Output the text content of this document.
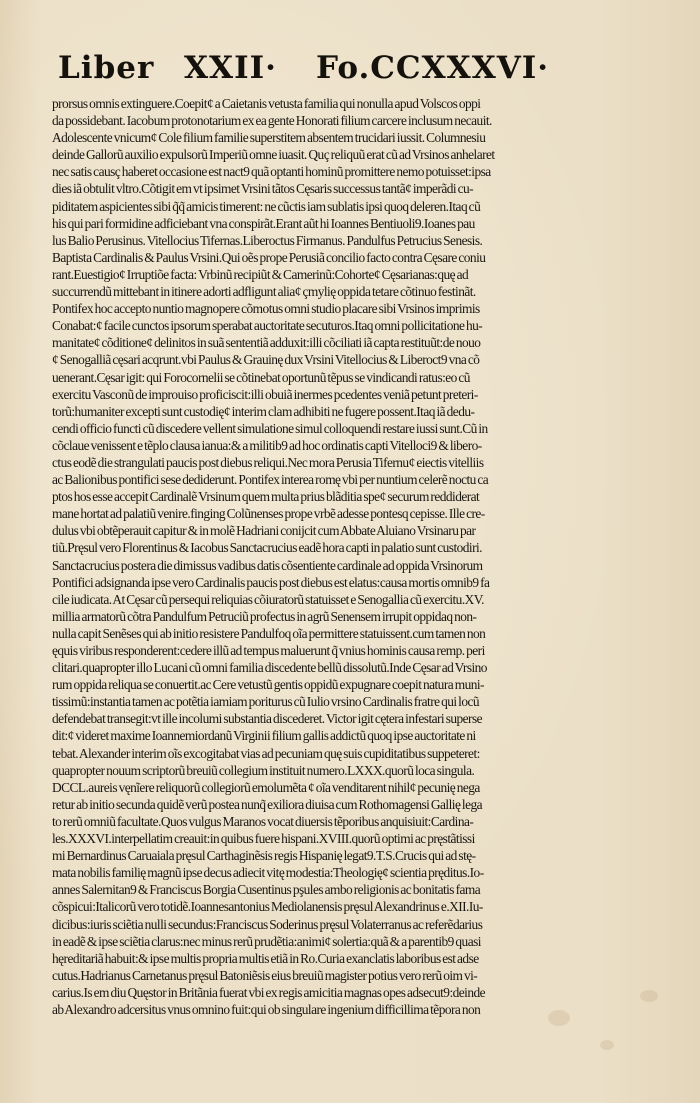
Liber XXII· Fo.CCXXXVI·
prorsus omnis extinguere.Coepit¢ a Caietanis vetusta familia qui nonulla apud Volscos oppi
da possidebant. Iacobum protonotarium ex ea gente Honorati filium carcere inclusum necauit.
Adolescente vnicum¢ Cole filium familie superstitem absentem trucidari iussit. Columnesiu
deinde Gallorũ auxilio expulsorũ Imperiũ omne iuasit. Quç reliquũ erat cũ ad Vrsinos anhelaret
nec satis causç haberet occasione est nact9 quã optanti hominũ promittere nemo potuisset:ipsa
dies iã obtulit vltro.Cõtigit em vt ipsimet Vrsini tãtos Cęsaris successus tantã¢ imperãdi cu-
piditatem aspicientes sibi q̃q̃ amicis timerent: ne cũctis iam sublatis ipsi quoq deleren.Itaq cũ
his qui pari formidine adficiebant vna conspirãt.Erant aũt hi Ioannes Bentiuoli9.Ioanes pau
lus Balio Perusinus. Vitellocius Tifernas.Liberoctus Firmanus. Pandulfus Petrucius Senesis.
Baptista Cardinalis & Paulus Vrsini.Qui oẽs prope Perusiã concilio facto contra Cęsare coniu
rant.Euestigio¢ Irruptiõe facta: Vrbinũ recipiũt & Camerinũ:Cohorte¢ Cęsarianas:quę ad
succurrendũ mittebant in itinere adorti adfligunt alia¢ çmylię oppida tetare cõtinuo festinãt.
Pontifex hoc accepto nuntio magnopere cõmotus omni studio placare sibi Vrsinos imprimis
Conabat:¢ facile cunctos ipsorum sperabat auctoritate secuturos.Itaq omni pollicitatione hu-
manitate¢ cõditione¢ delinitos in suã sententiã adduxit:illi cõciliati iã capta restituũt:de nouo
¢ Senogalliã cęsari acqrunt.vbi Paulus & Grauinę dux Vrsini Vitellocius & Liberoct9 vna cõ
uenerant.Cęsar igit: qui Forocornelii se cõtinebat oportunũ tẽpus se vindicandi ratus:eo cũ
exercitu Vasconũ de improuiso proficiscit:illi obuiã inermes pcedentes veniã petunt preteri-
torũ:humaniter excepti sunt custodię¢ interim clam adhibiti ne fugere possent.Itaq iã dedu-
cendi officio functi cũ discedere vellent simulatione simul colloquendi restare iussi sunt.Cũ in
cõclaue venissent e tẽplo clausa ianua:& a militib9 ad hoc ordinatis capti Vitelloci9 & libero-
ctus eodẽ die strangulati paucis post diebus reliqui.Nec mora Perusia Tifernu¢ eiectis vitelliis
ac Balionibus pontifici sese dediderunt. Pontifex interea romę vbi per nuntium celerẽ noctu ca
ptos hos esse accepit Cardinalẽ Vrsinum quem multa prius blãditia spe¢ securum reddiderat
mane hortat ad palatiũ venire.finging Colũnenses prope vrbẽ adesse pontesq cepisse. Ille cre-
dulus vbi obtẽperauit capitur & in molẽ Hadriani conijcit cum Abbate Aluiano Vrsinaru par
tiũ.Pręsul vero Florentinus & Iacobus Sanctacrucius eadẽ hora capti in palatio sunt custodiri.
Sanctacrucius postera die dimissus vadibus datis cõsentiente cardinale ad oppida Vrsinorum
Pontifici adsignanda ipse vero Cardinalis paucis post diebus est elatus:causa mortis omnib9 fa
cile iudicata. At Cęsar cũ persequi reliquias cõiuratorũ statuisset e Senogallia cũ exercitu.XV.
millia armatorũ cõtra Pandulfum Petruciũ profectus in agrũ Senensem irrupit oppidaq non-
nulla capit Senẽses qui ab initio resistere Pandulfoq oĩa permittere statuissent.cum tamen non
ęquis viribus responderent:cedere illũ ad tempus maluerunt q̃ vnius hominis causa remp. peri
clitari.quapropter illo Lucani cũ omni familia discedente bellũ dissolutũ.Inde Cęsar ad Vrsino
rum oppida reliqua se conuertit.ac Cere vetustũ gentis oppidũ expugnare coepit natura muni-
tissimũ:instantia tamen ac potẽtia iamiam poriturus cũ Iulio vrsino Cardinalis fratre qui locũ
defendebat transegit:vt ille incolumi substantia discederet. Victor igit cętera infestari superse
dit:¢ videret maxime Ioannemiordanũ Virginii filium gallis addictũ quoq ipse auctoritate ni
tebat. Alexander interim oĩs excogitabat vias ad pecuniam quę suis cupiditatibus suppeteret:
quapropter nouum scriptorũ breuiũ collegium instituit numero.LXXX.quorũ loca singula.
DCCL.aureis vęnĩere reliquorũ collegiorũ emolumẽta ¢ oĩa venditarent nihil¢ pecunię nega
retur ab initio secunda quidẽ verũ postea nunq̃ exiliora diuisa cum Rothomagensi Gallię lega
to rerũ omniũ facultate.Quos vulgus Maranos vocat diuersis tẽporibus anquisiuit:Cardina-
les.XXXVI.interpellatim creauit:in quibus fuere hispani.XVIII.quorũ optimi ac pręstãtissi
mi Bernardinus Caruaiala pręsul Carthaginẽsis regis Hispanię legat9.T.S.Crucis qui ad stę-
mata nobilis familię magnũ ipse decus adiecit vitę modestia:Theologię¢ scientia pręditus.Io-
annes Salernitan9 & Franciscus Borgia Cusentinus pşules ambo religionis ac bonitatis fama
cõspicui:Italicorũ vero totidẽ.Ioannesantonius Mediolanensis pręsul Alexandrinus e.XII.Iu-
dicibus:iuris sciẽtia nulli secundus:Franciscus Soderinus pręsul Volaterranus ac referẽdarius
in eadẽ & ipse sciẽtia clarus:nec minus rerũ prudẽtia:animi¢ solertia:quã & a parentib9 quasi
hęreditariã habuit:& ipse multis propria multis etiã in Ro.Curia exanclatis laboribus est adse
cutus.Hadrianus Carnetanus pręsul Batoniẽsis eius breuiũ magister potius vero rerũ oim vi-
carius.Is em diu Quęstor in Britãnia fuerat vbi ex regis amicitia magnas opes adsecut9:deinde
ab Alexandro adcersitus vnus omnino fuit:qui ob singulare ingenium difficillima tẽpora non
